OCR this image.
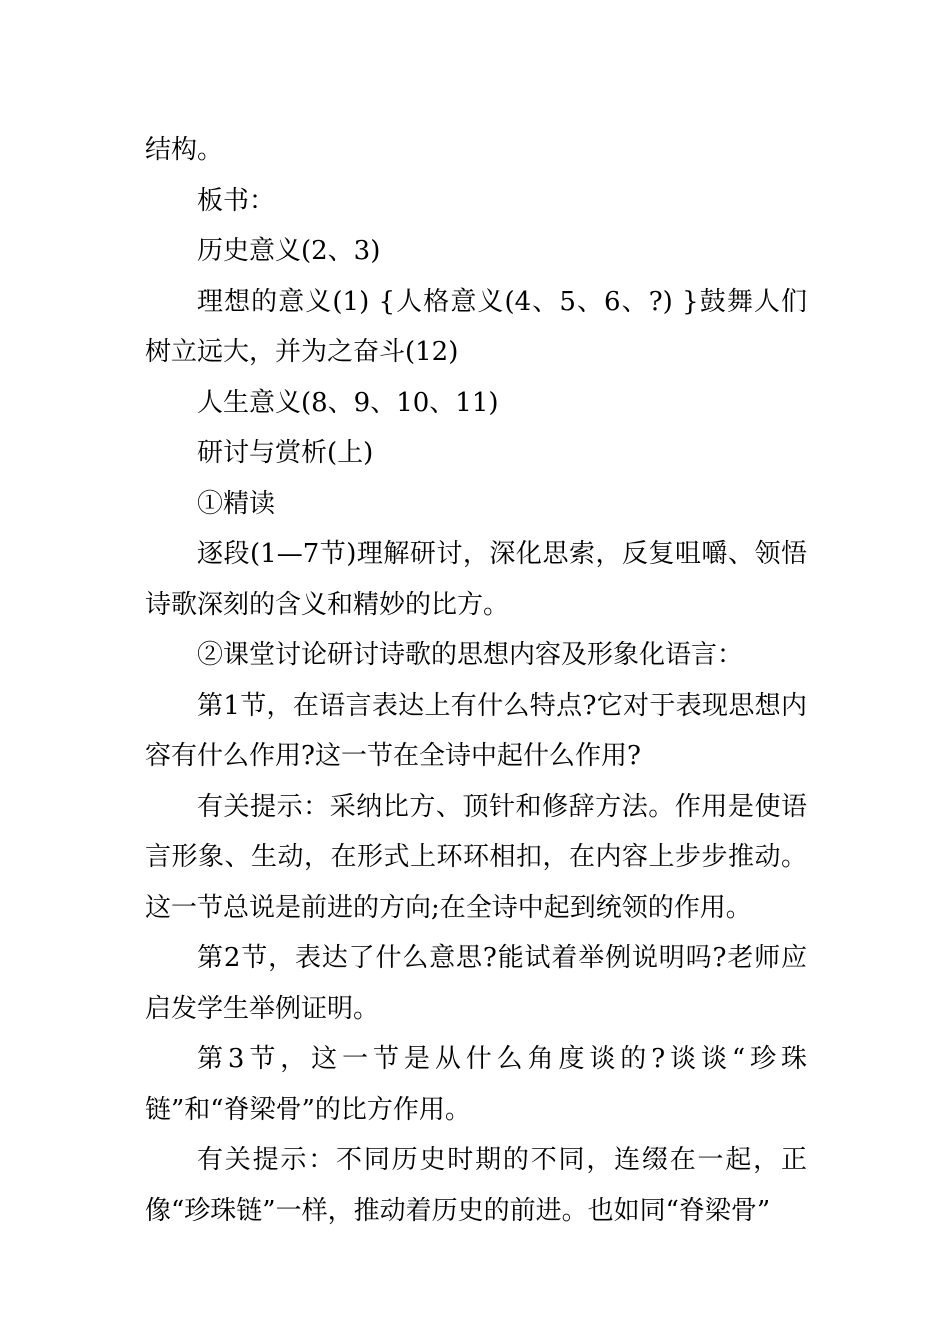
结构。

板书：

历史意义(2、3)

理想的意义(1) {人格意义(4、5、6、?) }鼓舞人们树立远大，并为之奋斗(12)

人生意义(8、9、10、11)

研讨与赏析(上)

①精读

逐段(1—7节)理解研讨，深化思索，反复咀嚼、领悟诗歌深刻的含义和精妙的比方。

②课堂讨论研讨诗歌的思想内容及形象化语言：

第1节，在语言表达上有什么特点?它对于表现思想内容有什么作用?这一节在全诗中起什么作用?

有关提示：采纳比方、顶针和修辞方法。作用是使语言形象、生动，在形式上环环相扣，在内容上步步推动。这一节总说是前进的方向;在全诗中起到统领的作用。

第2节，表达了什么意思?能试着举例说明吗?老师应启发学生举例证明。

第3节，这一节是从什么角度谈的?谈谈“珍珠链”和“脊梁骨”的比方作用。

有关提示：不同历史时期的不同，连缀在一起，正像“珍珠链”一样，推动着历史的前进。也如同“脊梁骨”
